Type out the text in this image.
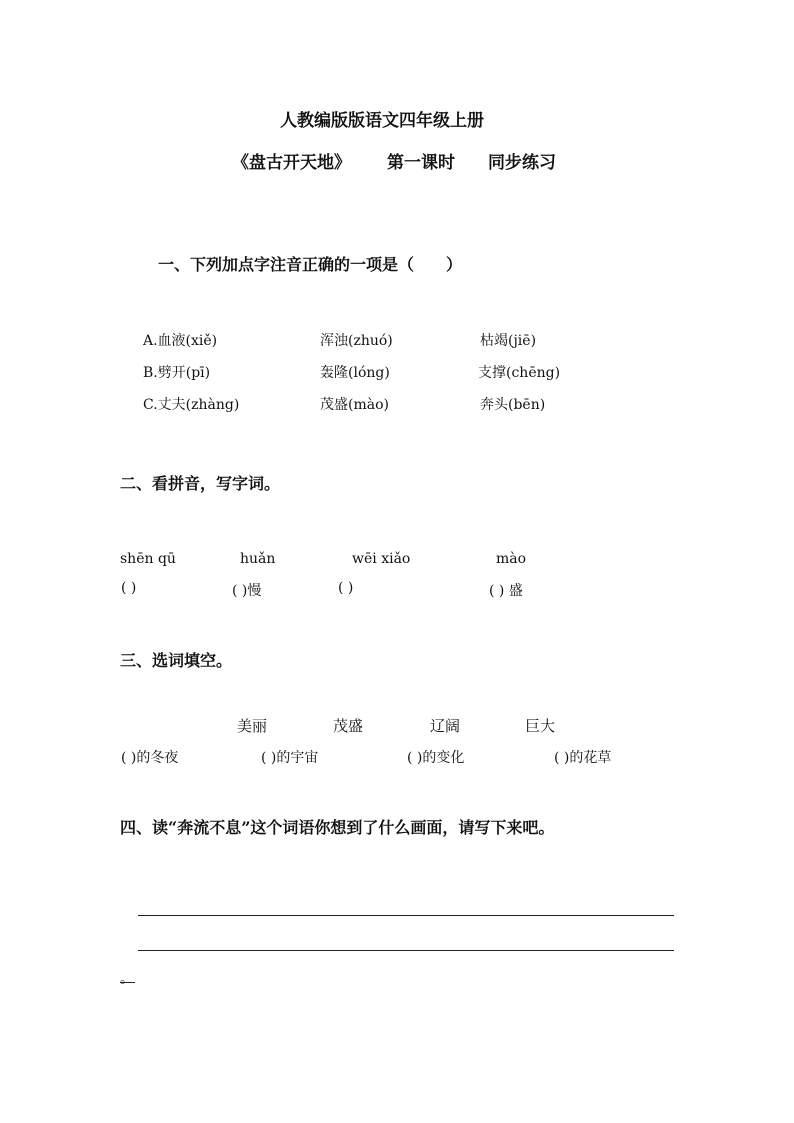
人教编版版语文四年级上册
《盘古开天地》 第一课时 同步练习
一、下列加点字注音正确的一项是（　　）
A.血液(xiě)	浑浊(zhuó)	枯竭(jiē)
B.劈开(pī)	轰隆(lóng)	支撑(chēng)
C.丈夫(zhàng)	茂盛(mào)	奔头(bēn)
二、看拼音，写字词。
shēn qū	huǎn	wēi xiǎo	mào
( )	( )慢	( )	( ) 盛
三、选词填空。
美丽	茂盛	辽阔	巨大
( )的冬夜	( )的宇宙	( )的变化	( )的花草
四、读“奔流不息”这个词语你想到了什么画面，请写下来吧。
。
